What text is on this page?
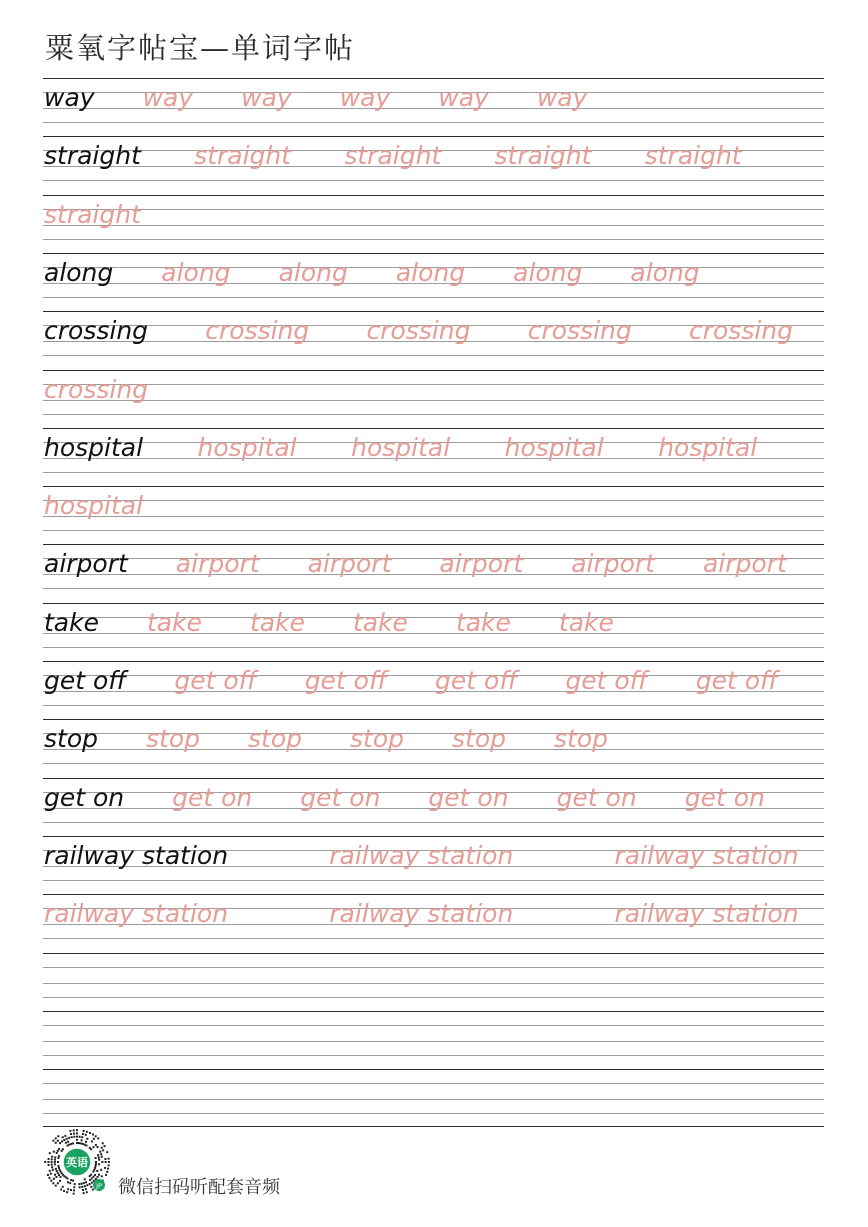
粟氧字帖宝—单词字帖
way way way way way way
straight straight straight straight straight
straight
along along along along along along
crossing crossing crossing crossing crossing
crossing
hospital hospital hospital hospital hospital
hospital
airport airport airport airport airport airport
take take take take take take
get off get off get off get off get off get off
stop stop stop stop stop stop
get on get on get on get on get on get on
railway station	railway station	railway station
railway station	railway station	railway station
英语
JP 微信扫码听配套音频
